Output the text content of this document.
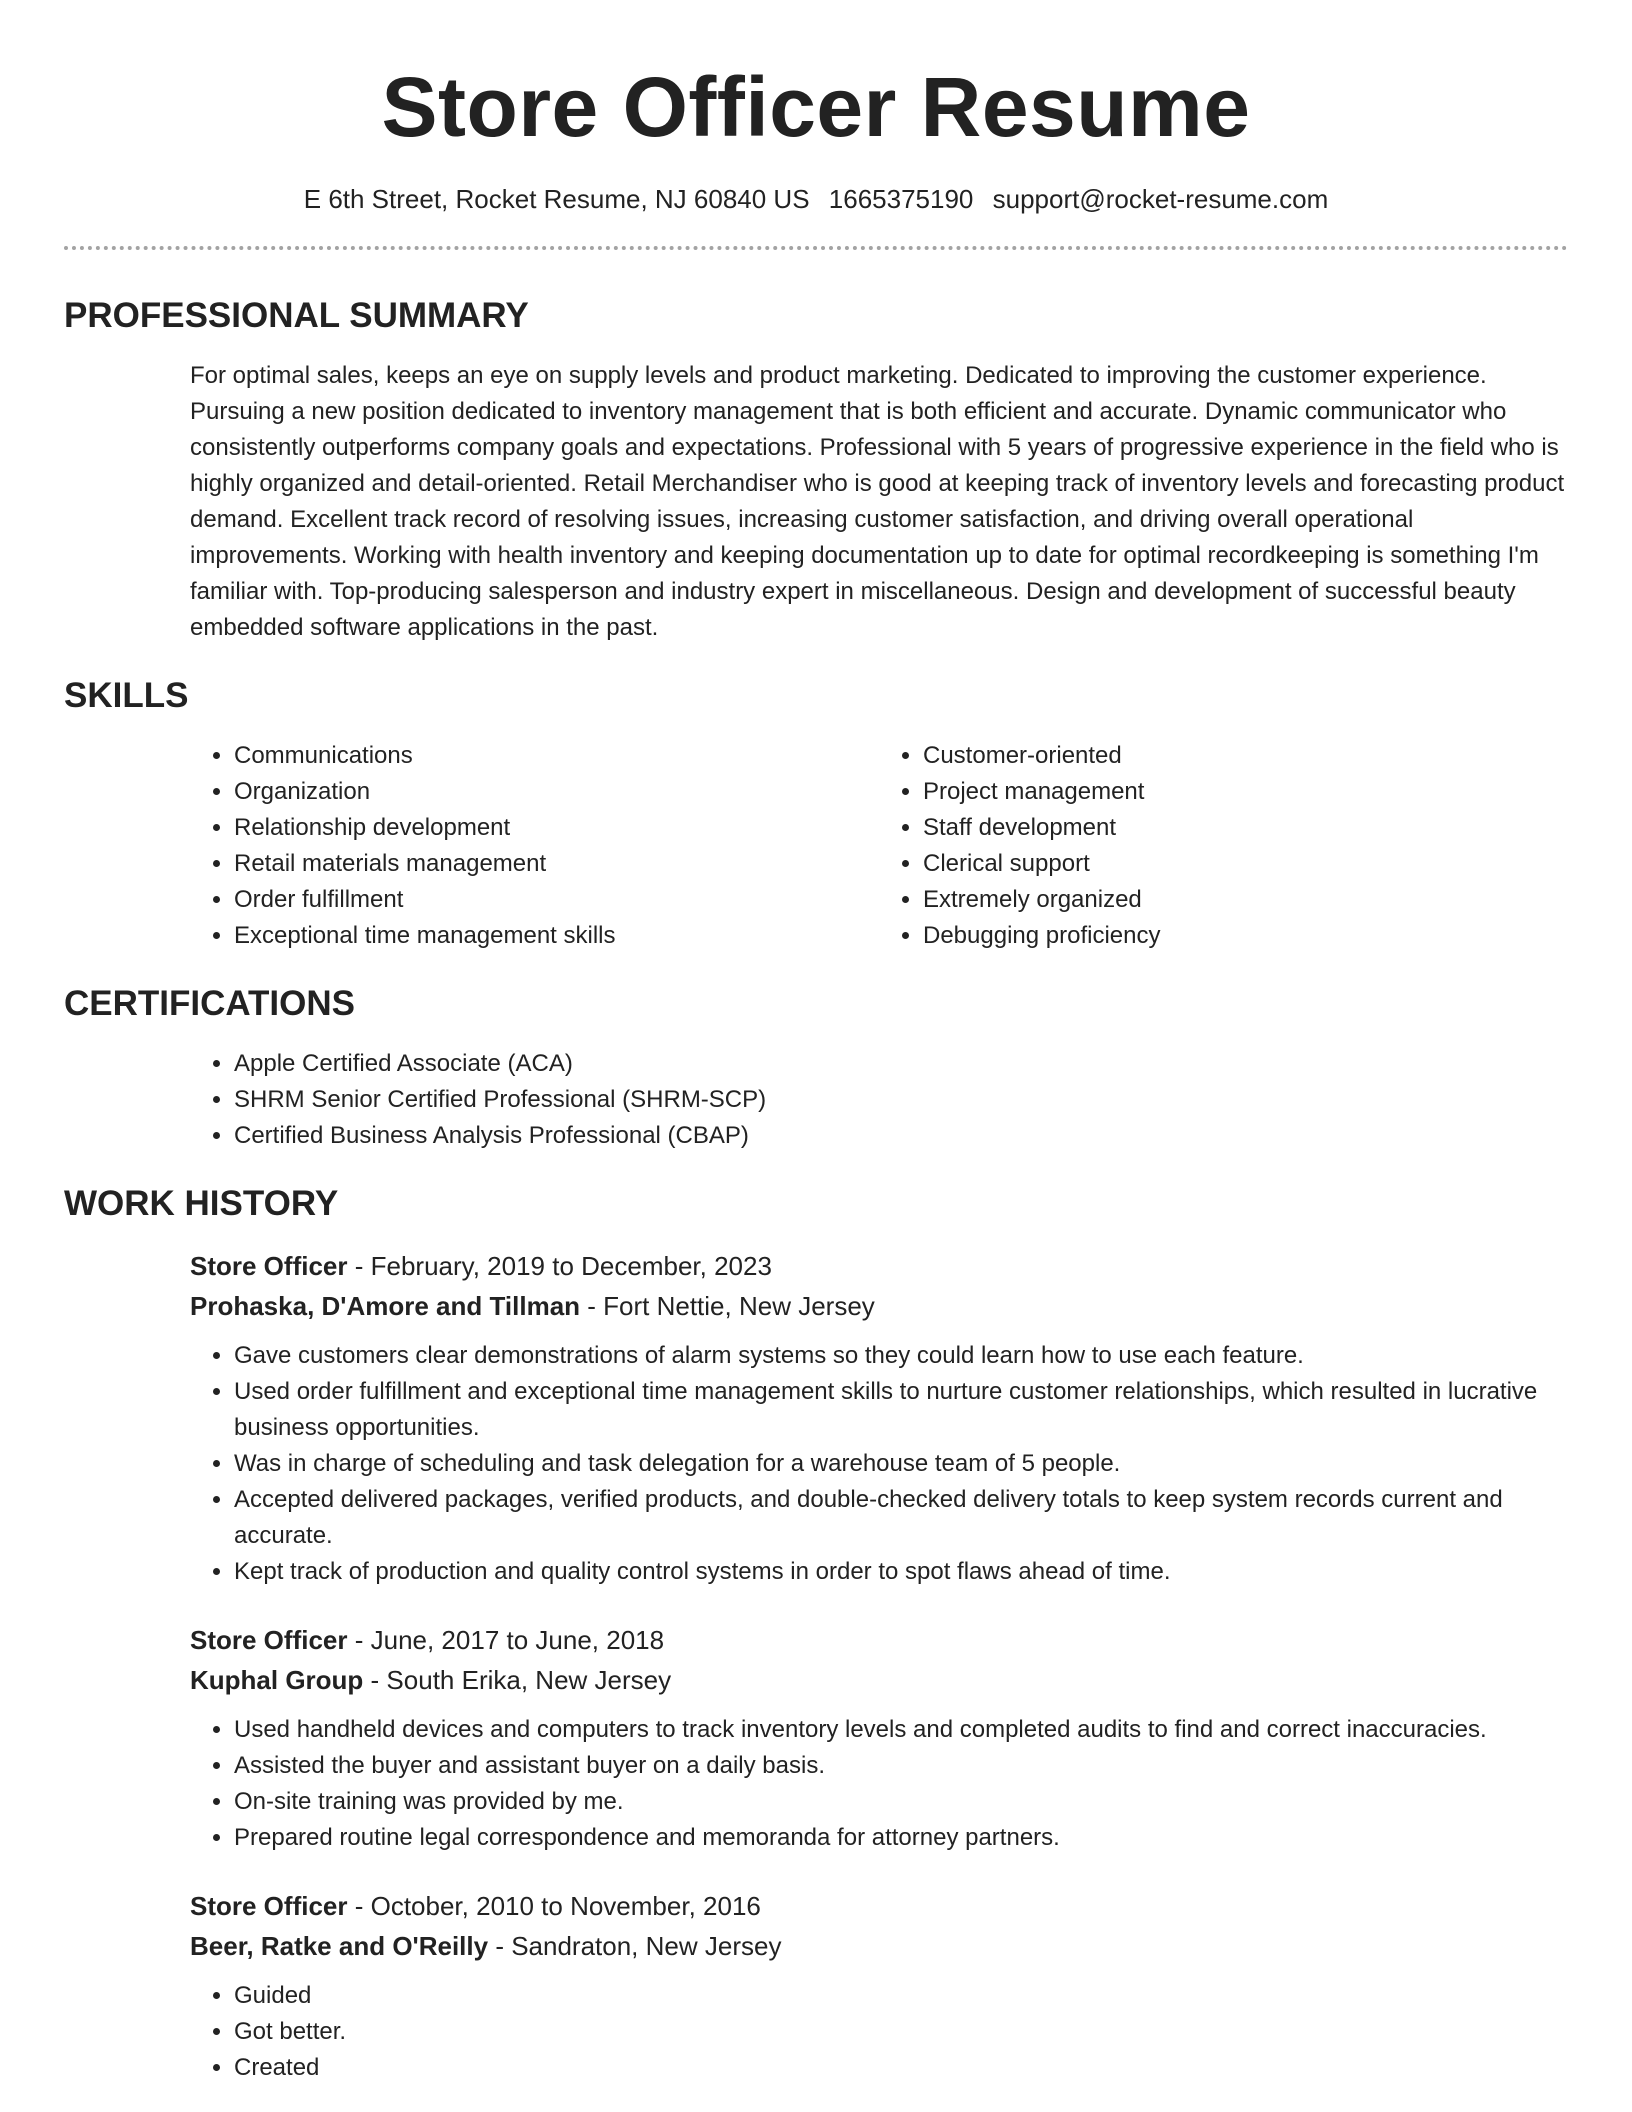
Store Officer Resume
E 6th Street, Rocket Resume, NJ 60840 US 1665375190 support@rocket-resume.com
PROFESSIONAL SUMMARY

For optimal sales, keeps an eye on supply levels and product marketing. Dedicated to improving the customer experience. Pursuing a new position dedicated to inventory management that is both efficient and accurate. Dynamic communicator who consistently outperforms company goals and expectations. Professional with 5 years of progressive experience in the field who is highly organized and detail-oriented. Retail Merchandiser who is good at keeping track of inventory levels and forecasting product demand. Excellent track record of resolving issues, increasing customer satisfaction, and driving overall operational improvements. Working with health inventory and keeping documentation up to date for optimal recordkeeping is something I'm familiar with. Top-producing salesperson and industry expert in miscellaneous. Design and development of successful beauty embedded software applications in the past.

SKILLS
• Communications
• Organization
• Relationship development
• Retail materials management
• Order fulfillment
• Exceptional time management skills
• Customer-oriented
• Project management
• Staff development
• Clerical support
• Extremely organized
• Debugging proficiency
CERTIFICATIONS
• Apple Certified Associate (ACA)
• SHRM Senior Certified Professional (SHRM-SCP)
• Certified Business Analysis Professional (CBAP)
WORK HISTORY

Store Officer - February, 2019 to December, 2023

Prohaska, D'Amore and Tillman - Fort Nettie, New Jersey

• Gave customers clear demonstrations of alarm systems so they could learn how to use each feature.
• Used order fulfillment and exceptional time management skills to nurture customer relationships, which resulted in lucrative business opportunities.
• Was in charge of scheduling and task delegation for a warehouse team of 5 people.
• Accepted delivered packages, verified products, and double-checked delivery totals to keep system records current and accurate.
• Kept track of production and quality control systems in order to spot flaws ahead of time.

Store Officer - June, 2017 to June, 2018

Kuphal Group - South Erika, New Jersey

• Used handheld devices and computers to track inventory levels and completed audits to find and correct inaccuracies.
• Assisted the buyer and assistant buyer on a daily basis.
• On-site training was provided by me.
• Prepared routine legal correspondence and memoranda for attorney partners.

Store Officer - October, 2010 to November, 2016

Beer, Ratke and O'Reilly - Sandraton, New Jersey

• Guided
• Got better.
• Created
